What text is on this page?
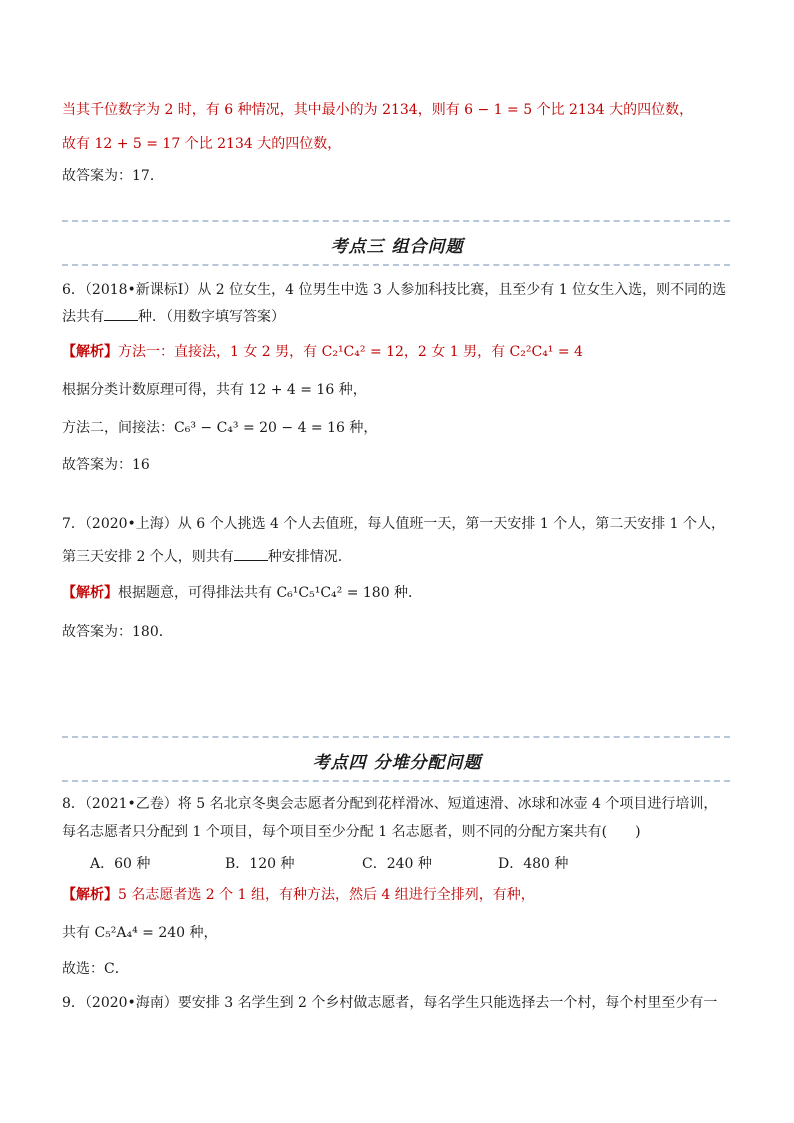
当其千位数字为 2 时，有 6 种情况，其中最小的为 2134，则有 6 − 1 = 5 个比 2134 大的四位数，
故有 12 + 5 = 17 个比 2134 大的四位数，
故答案为：17．
考点三 组合问题
6．（2018•新课标Ⅰ）从 2 位女生，4 位男生中选 3 人参加科技比赛，且至少有 1 位女生入选，则不同的选
法共有 种．（用数字填写答案）
【解析】方法一：直接法，1 女 2 男，有 C₂¹C₄² = 12，2 女 1 男，有 C₂²C₄¹ = 4
根据分类计数原理可得，共有 12 + 4 = 16 种，
方法二，间接法：C₆³ − C₄³ = 20 − 4 = 16 种，
故答案为：16
7．（2020•上海）从 6 个人挑选 4 个人去值班，每人值班一天，第一天安排 1 个人，第二天安排 1 个人，
第三天安排 2 个人，则共有 种安排情况．
【解析】根据题意，可得排法共有 C₆¹C₅¹C₄² = 180 种．
故答案为：180．
考点四 分堆分配问题
8．（2021•乙卷）将 5 名北京冬奥会志愿者分配到花样滑冰、短道速滑、冰球和冰壶 4 个项目进行培训，
每名志愿者只分配到 1 个项目，每个项目至少分配 1 名志愿者，则不同的分配方案共有(　　)
A．60 种	B．120 种	C．240 种	D．480 种
【解析】5 名志愿者选 2 个 1 组，有种方法，然后 4 组进行全排列，有种，
共有 C₅²A₄⁴ = 240 种，
故选：C．
9．（2020•海南）要安排 3 名学生到 2 个乡村做志愿者，每名学生只能选择去一个村，每个村里至少有一
